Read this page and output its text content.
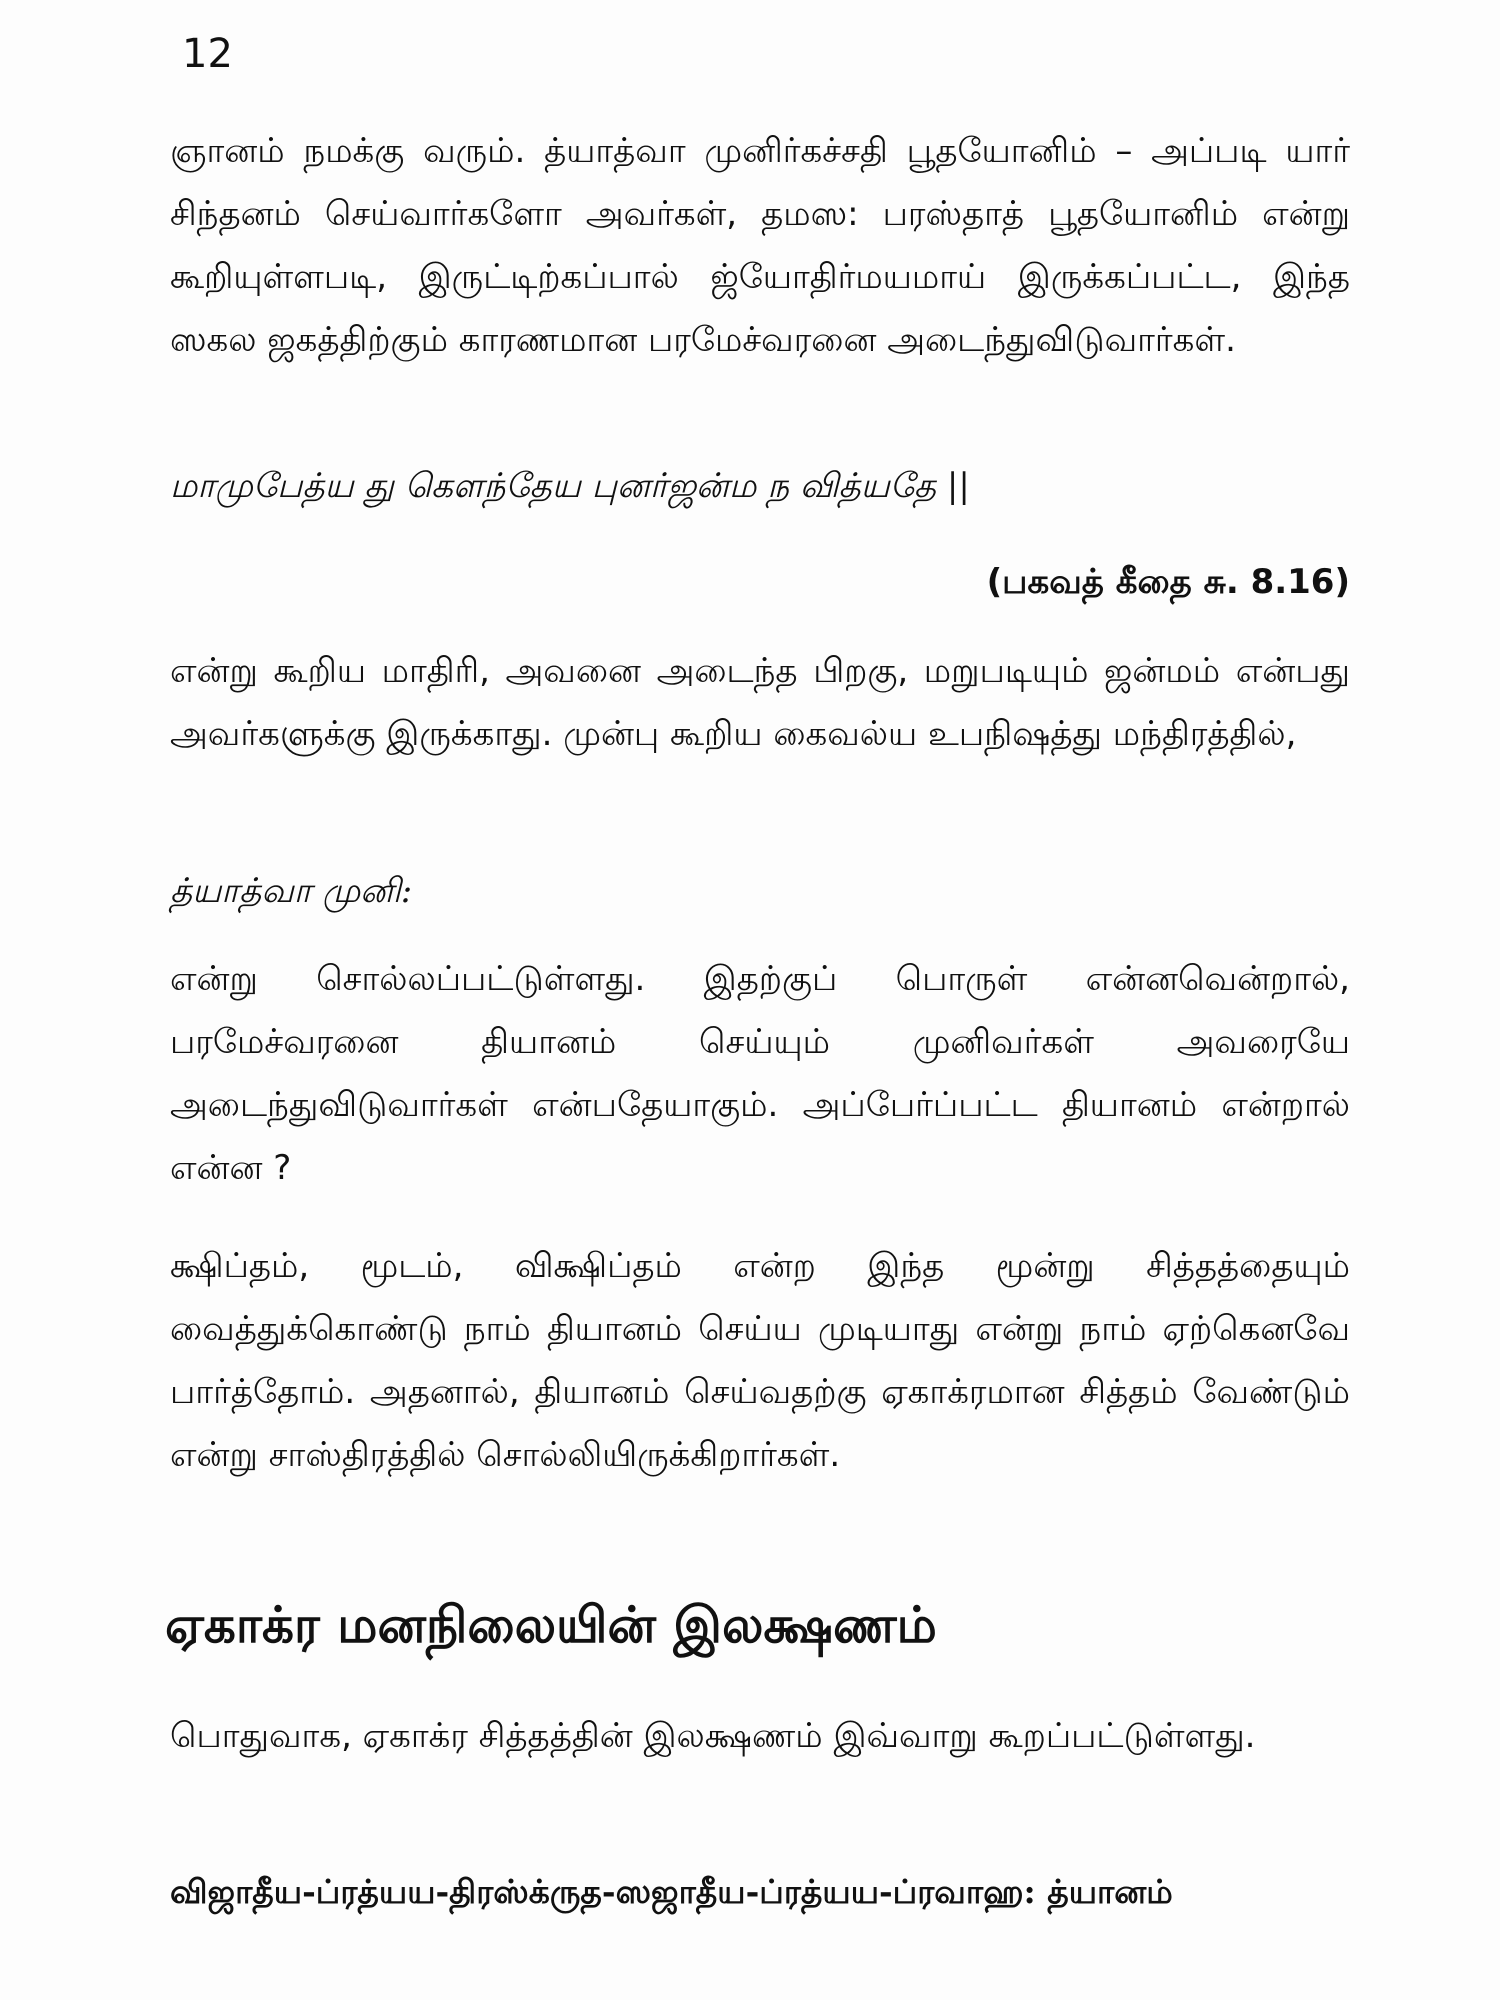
12
ஞானம் நமக்கு வரும். த்யாத்வா முனிர்கச்சதி பூதயோனிம் – அப்படி யார் சிந்தனம் செய்வார்களோ அவர்கள், தமஸ: பரஸ்தாத் பூதயோனிம் என்று கூறியுள்ளபடி, இருட்டிற்கப்பால் ஜ்யோதிர்மயமாய் இருக்கப்பட்ட, இந்த ஸகல ஜகத்திற்கும் காரணமான பரமேச்வரனை அடைந்துவிடுவார்கள்.
மாமுபேத்ய து கௌந்தேய புனர்ஜன்ம ந வித்யதே ||
(பகவத் கீதை சு. 8.16)
என்று கூறிய மாதிரி, அவனை அடைந்த பிறகு, மறுபடியும் ஜன்மம் என்பது அவர்களுக்கு இருக்காது. முன்பு கூறிய கைவல்ய உபநிஷத்து மந்திரத்தில்,
த்யாத்வா முனி:
என்று சொல்லப்பட்டுள்ளது. இதற்குப் பொருள் என்னவென்றால், பரமேச்வரனை தியானம் செய்யும் முனிவர்கள் அவரையே அடைந்துவிடுவார்கள் என்பதேயாகும். அப்பேர்ப்பட்ட தியானம் என்றால் என்ன ?
க்ஷிப்தம், மூடம், விக்ஷிப்தம் என்ற இந்த மூன்று சித்தத்தையும் வைத்துக்கொண்டு நாம் தியானம் செய்ய முடியாது என்று நாம் ஏற்கெனவே பார்த்தோம். அதனால், தியானம் செய்வதற்கு ஏகாக்ரமான சித்தம் வேண்டும் என்று சாஸ்திரத்தில் சொல்லியிருக்கிறார்கள்.
ஏகாக்ர மனநிலையின் இலக்ஷணம்
பொதுவாக, ஏகாக்ர சித்தத்தின் இலக்ஷணம் இவ்வாறு கூறப்பட்டுள்ளது.
விஜாதீய-ப்ரத்யய-திரஸ்க்ருத-ஸஜாதீய-ப்ரத்யய-ப்ரவாஹ: த்யானம்
